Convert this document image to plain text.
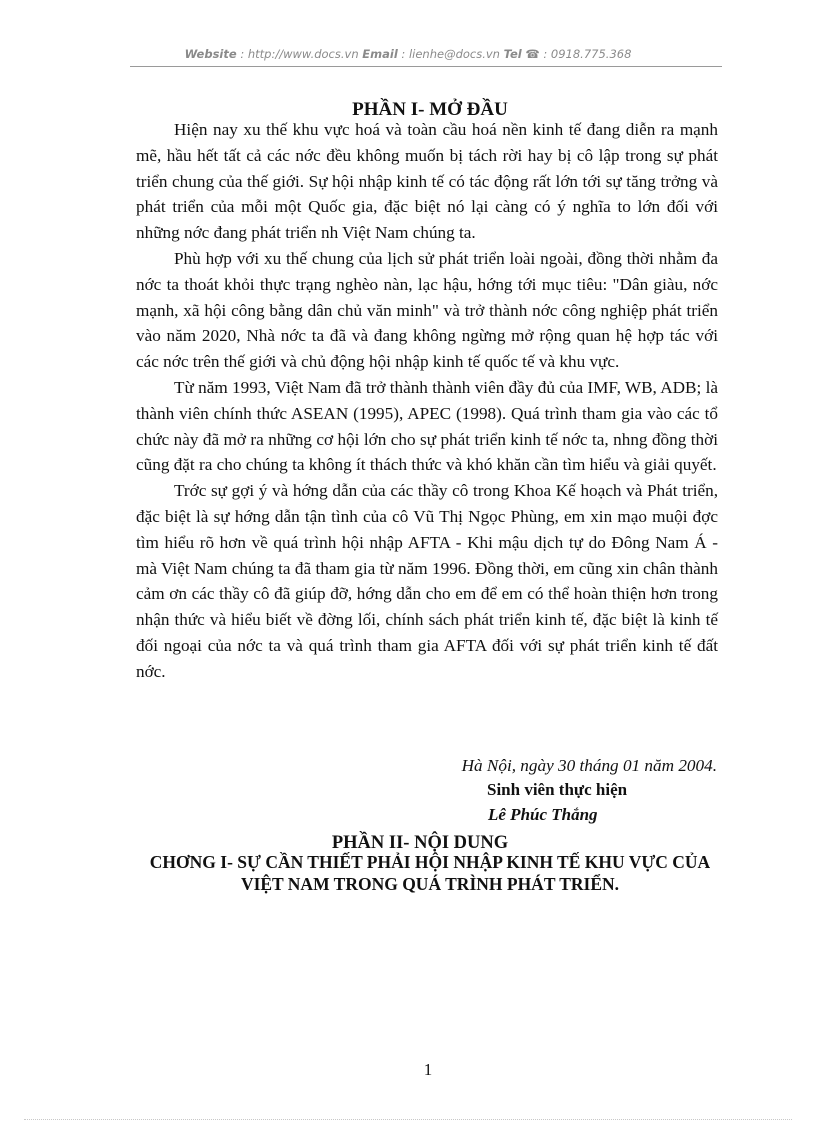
Website : http://www.docs.vn Email : lienhe@docs.vn Tel ☎ : 0918.775.368
PHẦN I- MỞ ĐẦU

Hiện nay xu thế khu vực hoá và toàn cầu hoá nền kinh tế đang diễn ra mạnh mẽ, hầu hết tất cả các nớc đều không muốn bị tách rời hay bị cô lập trong sự phát triển chung của thế giới. Sự hội nhập kinh tế có tác động rất lớn tới sự tăng trởng và phát triển của mỗi một Quốc gia, đặc biệt nó lại càng có ý nghĩa to lớn đối với những nớc đang phát triển nh Việt Nam chúng ta.

Phù hợp với xu thế chung của lịch sử phát triển loài ngoài, đồng thời nhằm đa nớc ta thoát khỏi thực trạng nghèo nàn, lạc hậu, hớng tới mục tiêu: "Dân giàu, nớc mạnh, xã hội công bằng dân chủ văn minh" và trở thành nớc công nghiệp phát triển vào năm 2020, Nhà nớc ta đã và đang không ngừng mở rộng quan hệ hợp tác với các nớc trên thế giới và chủ động hội nhập kinh tế quốc tế và khu vực.

Từ năm 1993, Việt Nam đã trở thành thành viên đầy đủ của IMF, WB, ADB; là thành viên chính thức ASEAN (1995), APEC (1998). Quá trình tham gia vào các tổ chức này đã mở ra những cơ hội lớn cho sự phát triển kinh tế nớc ta, nhng đồng thời cũng đặt ra cho chúng ta không ít thách thức và khó khăn cần tìm hiểu và giải quyết.

Trớc sự gợi ý và hớng dẫn của các thầy cô trong Khoa Kế hoạch và Phát triển, đặc biệt là sự hớng dẫn tận tình của cô Vũ Thị Ngọc Phùng, em xin mạo muội đợc tìm hiểu rõ hơn về quá trình hội nhập AFTA - Khi mậu dịch tự do Đông Nam Á - mà Việt Nam chúng ta đã tham gia từ năm 1996. Đồng thời, em cũng xin chân thành cảm ơn các thầy cô đã giúp đỡ, hớng dẫn cho em để em có thể hoàn thiện hơn trong nhận thức và hiểu biết về đờng lối, chính sách phát triển kinh tế, đặc biệt là kinh tế đối ngoại của nớc ta và quá trình tham gia AFTA đối với sự phát triển kinh tế đất nớc.

Hà Nội, ngày 30 tháng 01 năm 2004.
Sinh viên thực hiện
Lê Phúc Thắng
PHẦN II- NỘI DUNG
CHƠNG I- SỰ CẦN THIẾT PHẢI HỘI NHẬP KINH TẾ KHU VỰC CỦA VIỆT NAM TRONG QUÁ TRÌNH PHÁT TRIỂN.
1
